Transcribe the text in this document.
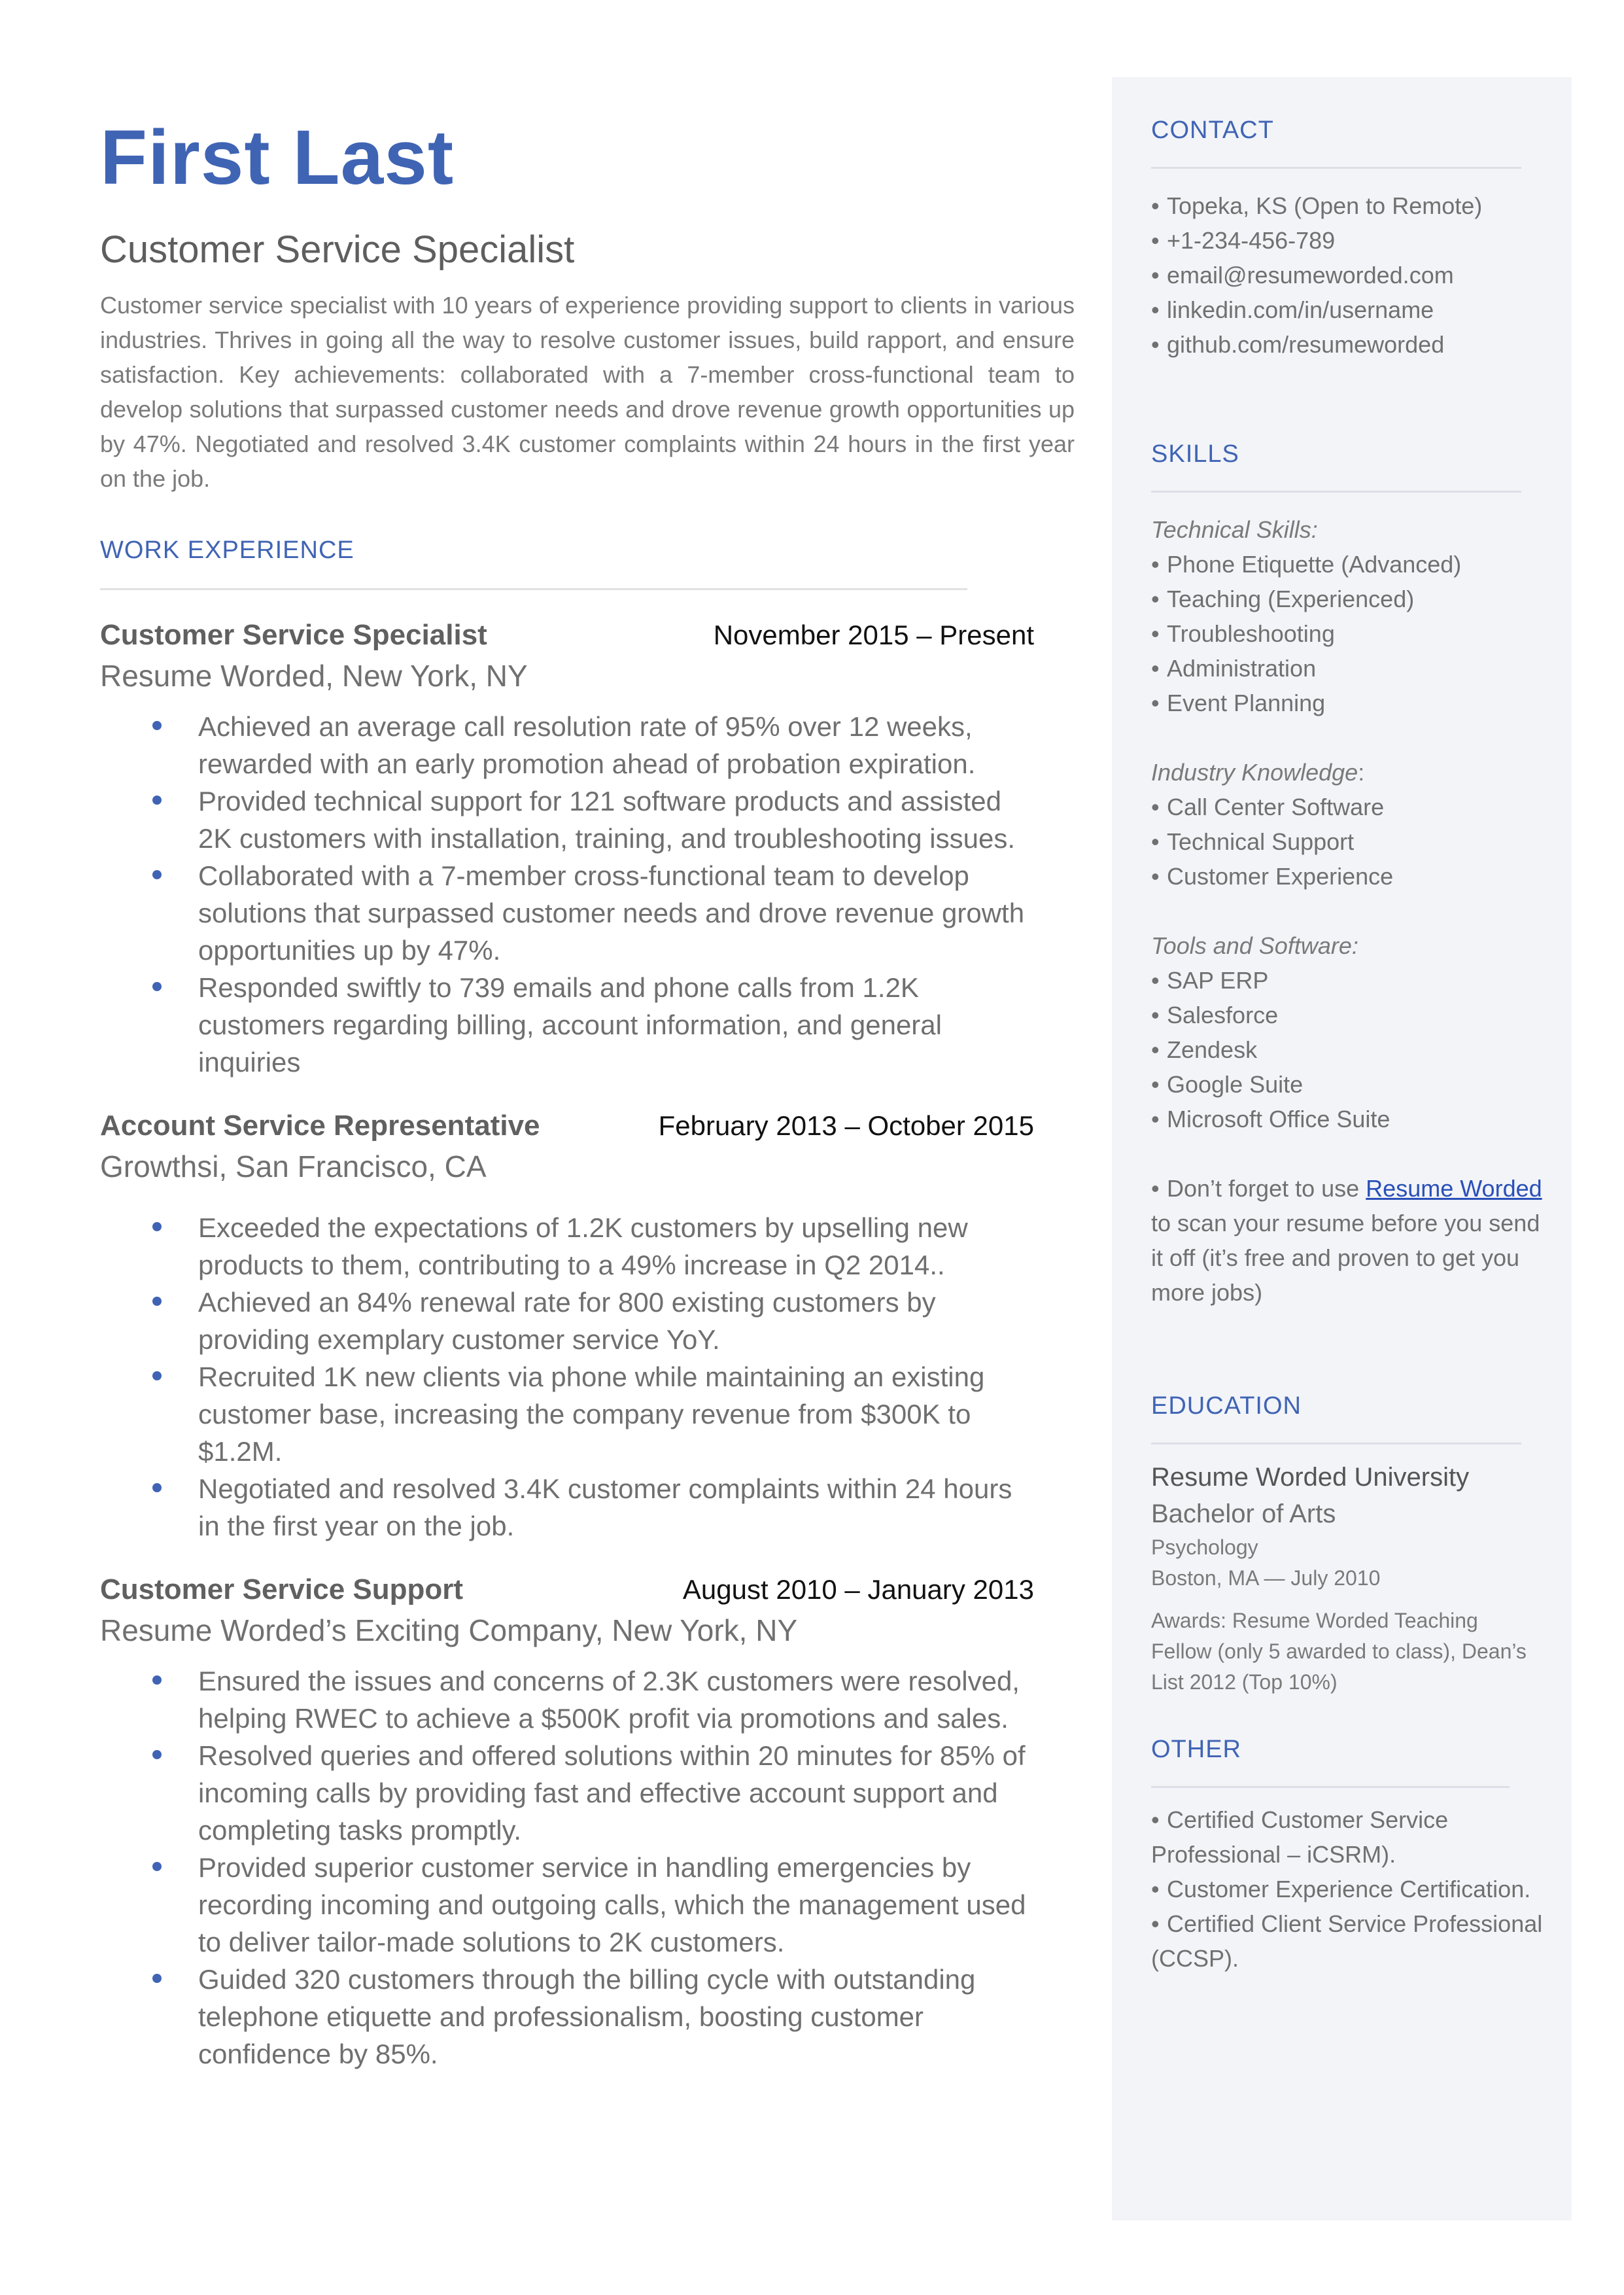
First Last
Customer Service Specialist
Customer service specialist with 10 years of experience providing support to clients in various industries. Thrives in going all the way to resolve customer issues, build rapport, and ensure satisfaction. Key achievements: collaborated with a 7-member cross-functional team to develop solutions that surpassed customer needs and drove revenue growth opportunities up by 47%. Negotiated and resolved 3.4K customer complaints within 24 hours in the first year on the job.
WORK EXPERIENCE
Customer Service Specialist	November 2015 – Present
Resume Worded, New York, NY
Achieved an average call resolution rate of 95% over 12 weeks, rewarded with an early promotion ahead of probation expiration.
Provided technical support for 121 software products and assisted 2K customers with installation, training, and troubleshooting issues.
Collaborated with a 7-member cross-functional team to develop solutions that surpassed customer needs and drove revenue growth opportunities up by 47%.
Responded swiftly to 739 emails and phone calls from 1.2K customers regarding billing, account information, and general inquiries
Account Service Representative	February 2013 – October 2015
Growthsi, San Francisco, CA
Exceeded the expectations of 1.2K customers by upselling new products to them, contributing to a 49% increase in Q2 2014..
Achieved an 84% renewal rate for 800 existing customers by providing exemplary customer service YoY.
Recruited 1K new clients via phone while maintaining an existing customer base, increasing the company revenue from $300K to $1.2M.
Negotiated and resolved 3.4K customer complaints within 24 hours in the first year on the job.
Customer Service Support	August 2010 – January 2013
Resume Worded’s Exciting Company, New York, NY
Ensured the issues and concerns of 2.3K customers were resolved, helping RWEC to achieve a $500K profit via promotions and sales.
Resolved queries and offered solutions within 20 minutes for 85% of incoming calls by providing fast and effective account support and completing tasks promptly.
Provided superior customer service in handling emergencies by recording incoming and outgoing calls, which the management used to deliver tailor-made solutions to 2K customers.
Guided 320 customers through the billing cycle with outstanding telephone etiquette and professionalism, boosting customer confidence by 85%.
CONTACT
• Topeka, KS (Open to Remote)
• +1-234-456-789
• email@resumeworded.com
• linkedin.com/in/username
• github.com/resumeworded
SKILLS
Technical Skills:
• Phone Etiquette (Advanced)
• Teaching (Experienced)
• Troubleshooting
• Administration
• Event Planning
Industry Knowledge:
• Call Center Software
• Technical Support
• Customer Experience
Tools and Software:
• SAP ERP
• Salesforce
• Zendesk
• Google Suite
• Microsoft Office Suite
• Don’t forget to use Resume Worded to scan your resume before you send it off (it’s free and proven to get you more jobs)
EDUCATION
Resume Worded University
Bachelor of Arts
Psychology
Boston, MA — July 2010
Awards: Resume Worded Teaching Fellow (only 5 awarded to class), Dean’s List 2012 (Top 10%)
OTHER
• Certified Customer Service Professional – iCSRM).
• Customer Experience Certification.
• Certified Client Service Professional (CCSP).
